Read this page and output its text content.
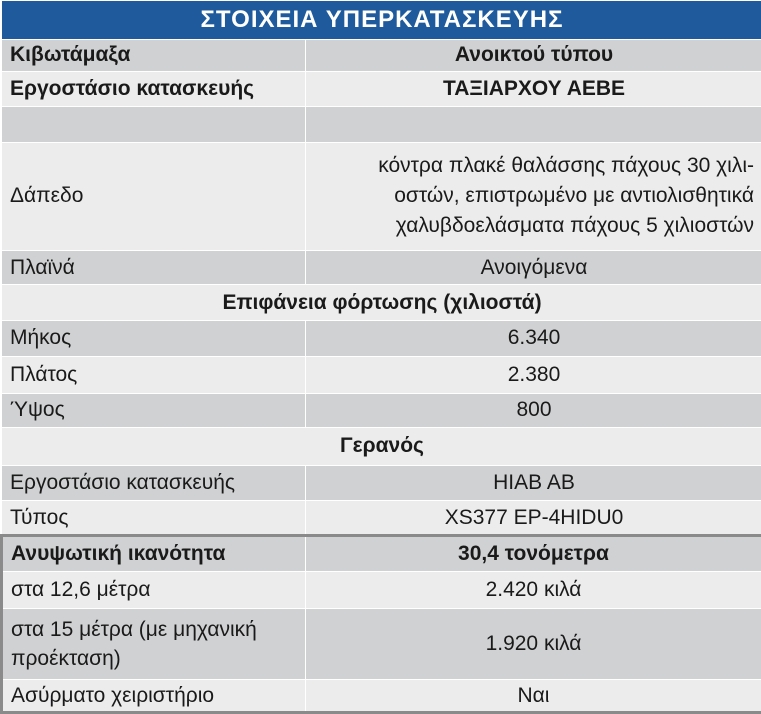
ΣΤΟΙΧΕΙΑ ΥΠΕΡΚΑΤΑΣΚΕΥΗΣ	
Κιβωτάμαξα	Ανοικτού τύπου
Εργοστάσιο κατασκευής	ΤΑΞΙΑΡΧΟΥ ΑΕΒΕ

Δάπεδο	κόντρα πλακέ θαλάσσης πάχους 30 χιλι-οστών, επιστρωμένο με αντιολισθητικά χαλυβδοελάσματα πάχους 5 χιλιοστών
Πλαϊνά	Ανοιγόμενα
Επιφάνεια φόρτωσης (χιλιοστά)	
Μήκος	6.340
Πλάτος	2.380
Ύψος	800
Γερανός	
Εργοστάσιο κατασκευής	HIAB AB
Τύπος	XS377 EP-4HIDU0
Ανυψωτική ικανότητα	30,4 τονόμετρα
στα 12,6 μέτρα	2.420 κιλά
στα 15 μέτρα (με μηχανική προέκταση)	1.920 κιλά
Ασύρματο χειριστήριο	Ναι
